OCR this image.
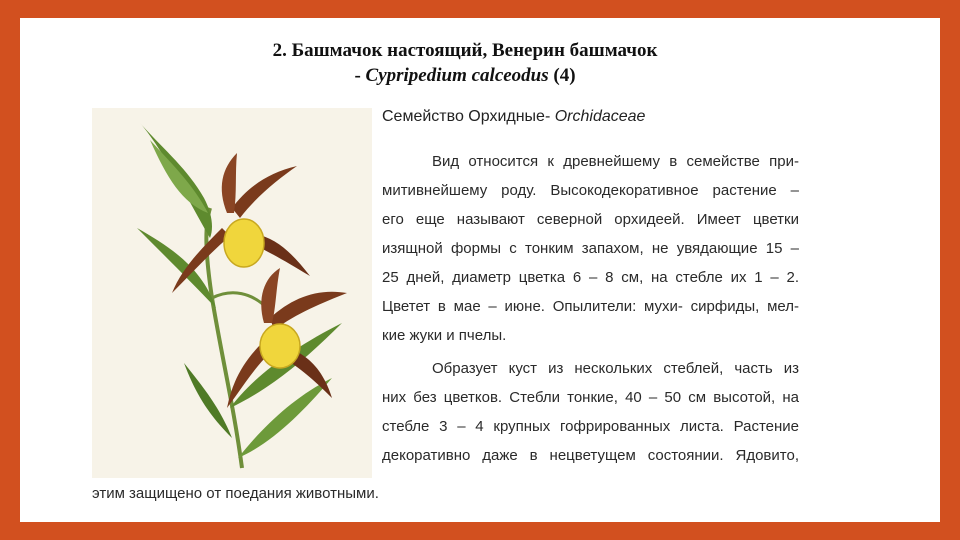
2. Башмачок настоящий, Венерин башмачок
- Cypripedium calceodus (4)
Семейство Орхидные- Orchidaceae
Вид относится к древнейшему в семействе при-
митивнейшему роду. Высокодекоративное растение –
его еще называют северной орхидеей. Имеет цветки
изящной формы с тонким запахом, не увядающие 15 –
25 дней, диаметр цветка 6 – 8 см, на стебле их 1 – 2.
Цветет в мае – июне. Опылители: мухи- сирфиды, мел-
кие жуки и пчелы.
Образует куст из нескольких стеблей, часть из
них без цветков. Стебли тонкие, 40 – 50 см высотой, на
стебле 3 – 4 крупных гофрированных листа. Растение
декоративно даже в нецветущем состоянии. Ядовито,
этим защищено от поедания животными.
